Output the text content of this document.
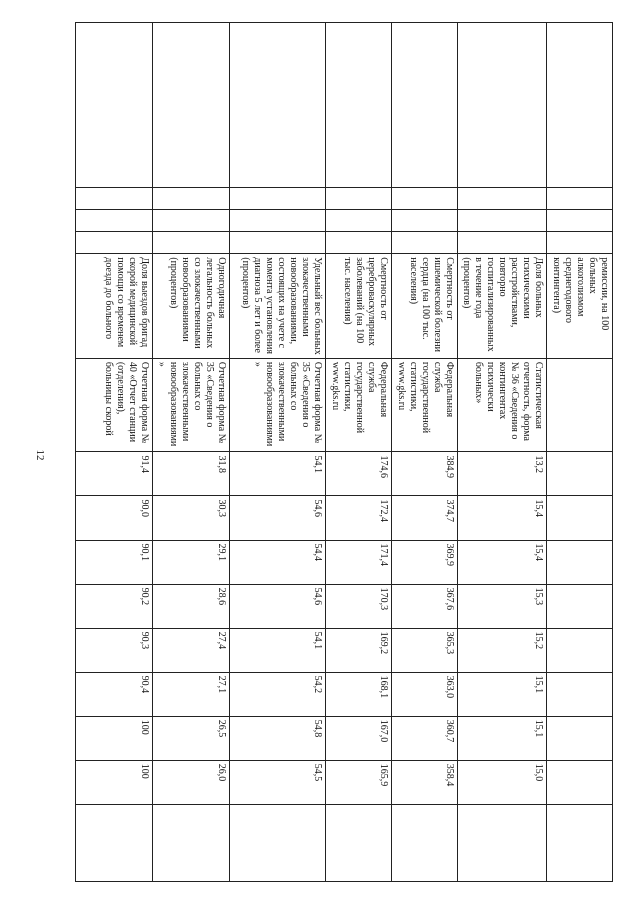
12
				ремиссии, на 100 больных алкоголизмом среднегодового контингента)										
				Доля больных психическими расстройствами, повторно госпитализированных в течение года (процентов)	Статистическая отчетность, форма № 36 «Сведения о контингентах психически больных»	13,2	15,4	15,4	15,3	15,2	15,1	15,1	15,0	
				Смертность от ишемической болезни сердца (на 100 тыс. населения)	Федеральная служба государственной статистики, www.gks.ru	384,9	374,7	369,9	367,6	365,3	363,0	360,7	358,4	
				Смертность от цереброваскулярных заболеваний (на 100 тыс. населения)	Федеральная служба государственной статистики, www.gks.ru	174,6	172,4	171,4	170,3	169,2	168,1	167,0	165,9	
				Удельный вес больных злокачественными новообразованиями, состоящих на учете с момента установления диагноза 5 лет и более (процентов)	Отчетная форма № 35 «Сведения о больных со злокачественными новообразованиями»	54,1	54,6	54,4	54,6	54,1	54,2	54,8	54,5	
				Одногодичная летальность больных со злокачественными новообразованиями (процентов)	Отчетная форма № 35 «Сведения о больных со злокачественными новообразованиями»	31,8	30,3	29,1	28,6	27,4	27,1	26,5	26,0	
				Доля выездов бригад скорой медицинской помощи со временем доезда до больного	Отчетная форма № 40 «Отчет станции (отделения), больницы скорой	91,4	90,0	90,1	90,2	90,3	90,4	100	100	
